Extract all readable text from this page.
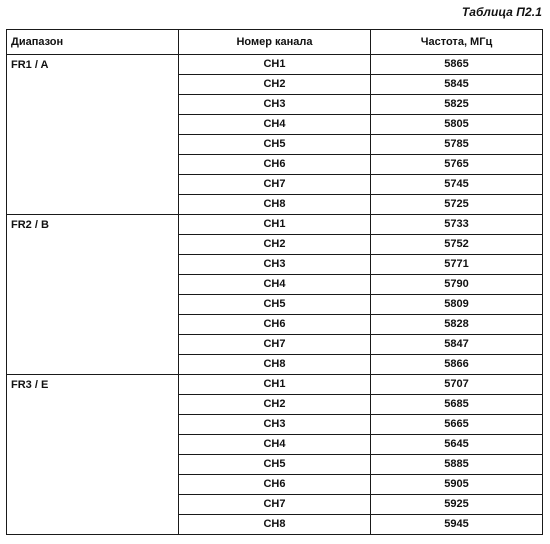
Таблица П2.1
Диапазон	Номер канала	Частота, МГц
FR1 / A	CH1	5865
	CH2	5845
	CH3	5825
	CH4	5805
	CH5	5785
	CH6	5765
	CH7	5745
	CH8	5725
FR2 / B	CH1	5733
	CH2	5752
	CH3	5771
	CH4	5790
	CH5	5809
	CH6	5828
	CH7	5847
	CH8	5866
FR3 / E	CH1	5707
	CH2	5685
	CH3	5665
	CH4	5645
	CH5	5885
	CH6	5905
	CH7	5925
	CH8	5945
